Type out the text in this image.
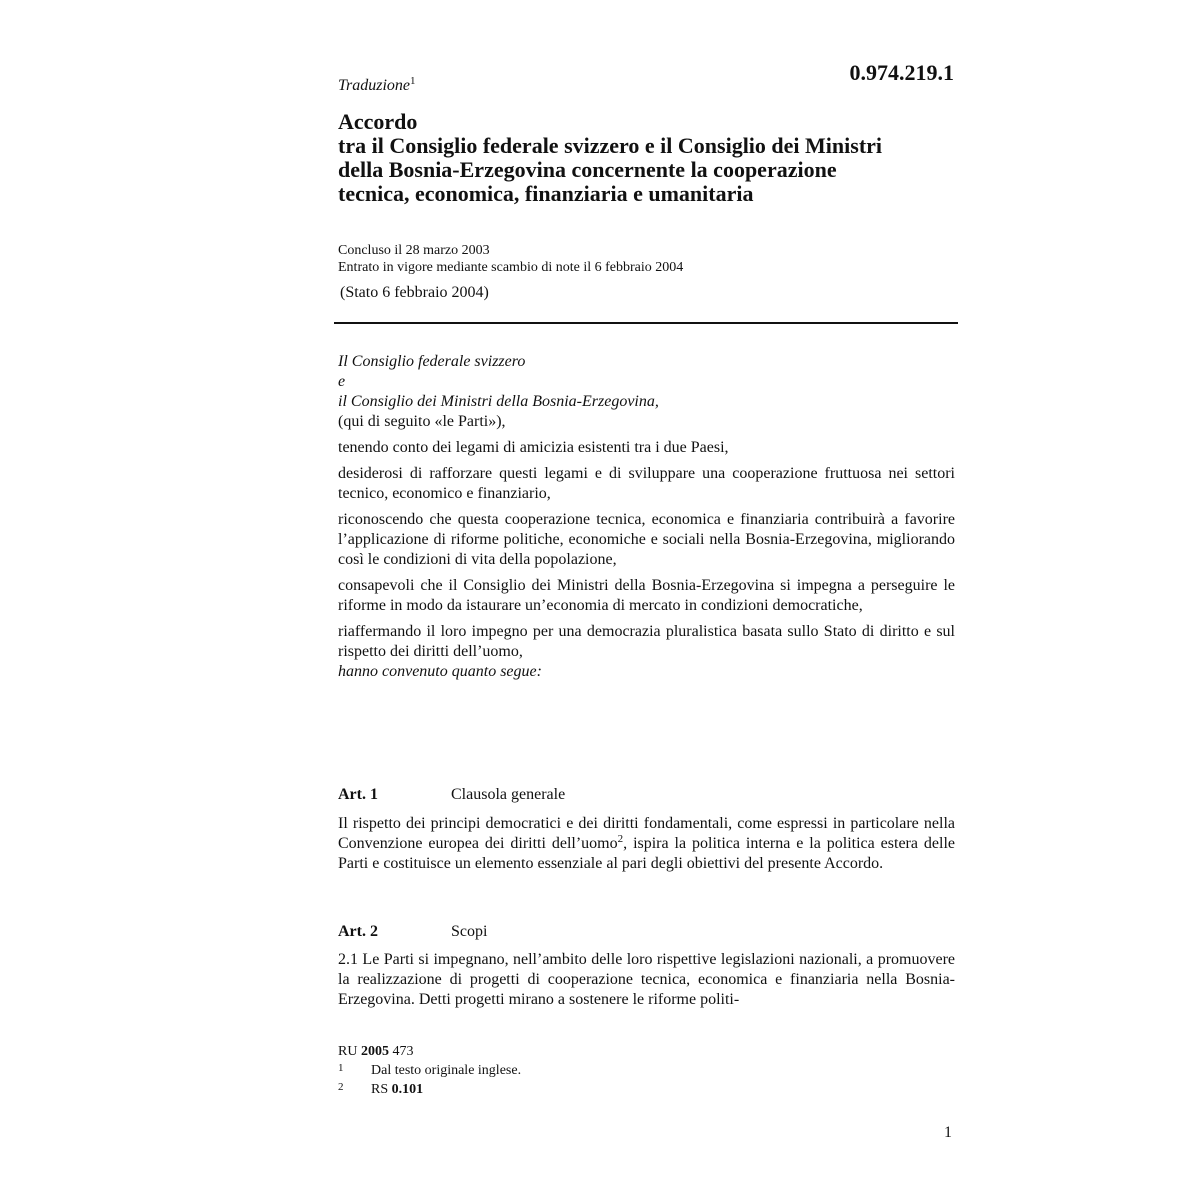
Traduzione$^1$	0.974.219.1
Accordo
tra il Consiglio federale svizzero e il Consiglio dei Ministri
della Bosnia-Erzegovina concernente la cooperazione
tecnica, economica, finanziaria e umanitaria
Concluso il 28 marzo 2003
Entrato in vigore mediante scambio di note il 6 febbraio 2004
(Stato 6 febbraio 2004)
Il Consiglio federale svizzero
e
il Consiglio dei Ministri della Bosnia-Erzegovina,
(qui di seguito «le Parti»),
tenendo conto dei legami di amicizia esistenti tra i due Paesi,
desiderosi di rafforzare questi legami e di sviluppare una cooperazione fruttuosa nei settori tecnico, economico e finanziario,
riconoscendo che questa cooperazione tecnica, economica e finanziaria contribuirà a favorire l’applicazione di riforme politiche, economiche e sociali nella Bosnia-Erzegovina, migliorando così le condizioni di vita della popolazione,
consapevoli che il Consiglio dei Ministri della Bosnia-Erzegovina si impegna a perseguire le riforme in modo da istaurare un’economia di mercato in condizioni democratiche,
riaffermando il loro impegno per una democrazia pluralistica basata sullo Stato di diritto e sul rispetto dei diritti dell’uomo,
hanno convenuto quanto segue:
Art. 1	Clausola generale
Il rispetto dei principi democratici e dei diritti fondamentali, come espressi in particolare nella Convenzione europea dei diritti dell’uomo$^2$, ispira la politica interna e la politica estera delle Parti e costituisce un elemento essenziale al pari degli obiettivi del presente Accordo.
Art. 2	Scopi
2.1 Le Parti si impegnano, nell’ambito delle loro rispettive legislazioni nazionali, a promuovere la realizzazione di progetti di cooperazione tecnica, economica e finanziaria nella Bosnia-Erzegovina. Detti progetti mirano a sostenere le riforme politi-
RU 2005 473
1 Dal testo originale inglese.
2 RS 0.101
1
